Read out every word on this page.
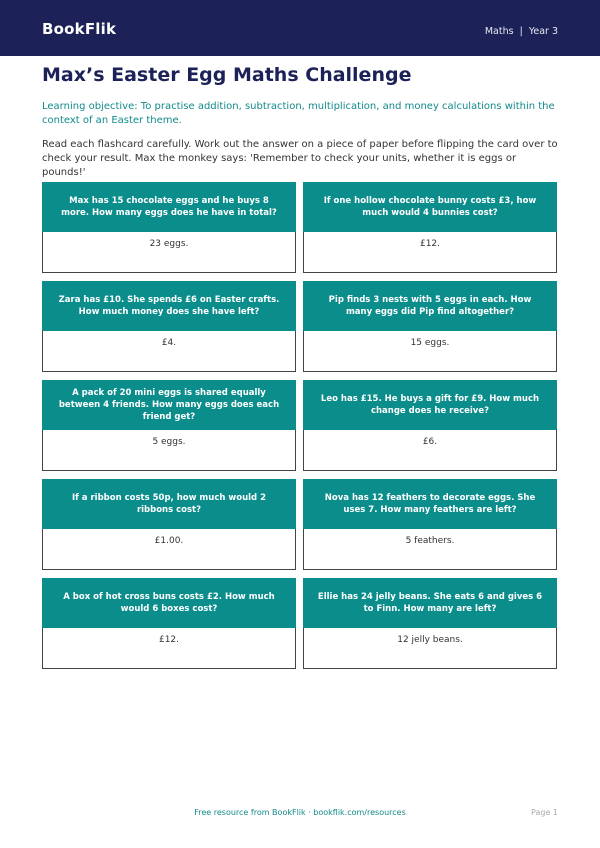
BookFlik	Maths  |  Year 3
Max’s Easter Egg Maths Challenge

Learning objective: To practise addition, subtraction, multiplication, and money calculations within the context of an Easter theme.

Read each flashcard carefully. Work out the answer on a piece of paper before flipping the card over to check your result. Max the monkey says: 'Remember to check your units, whether it is eggs or pounds!'

Max has 15 chocolate eggs and he buys 8 more. How many eggs does he have in total?
23 eggs.
If one hollow chocolate bunny costs £3, how much would 4 bunnies cost?
£12.
Zara has £10. She spends £6 on Easter crafts. How much money does she have left?
£4.
Pip finds 3 nests with 5 eggs in each. How many eggs did Pip find altogether?
15 eggs.
A pack of 20 mini eggs is shared equally between 4 friends. How many eggs does each friend get?
5 eggs.
Leo has £15. He buys a gift for £9. How much change does he receive?
£6.
If a ribbon costs 50p, how much would 2 ribbons cost?
£1.00.
Nova has 12 feathers to decorate eggs. She uses 7. How many feathers are left?
5 feathers.
A box of hot cross buns costs £2. How much would 6 boxes cost?
£12.
Ellie has 24 jelly beans. She eats 6 and gives 6 to Finn. How many are left?
12 jelly beans.
Free resource from BookFlik · bookflik.com/resources	Page 1
